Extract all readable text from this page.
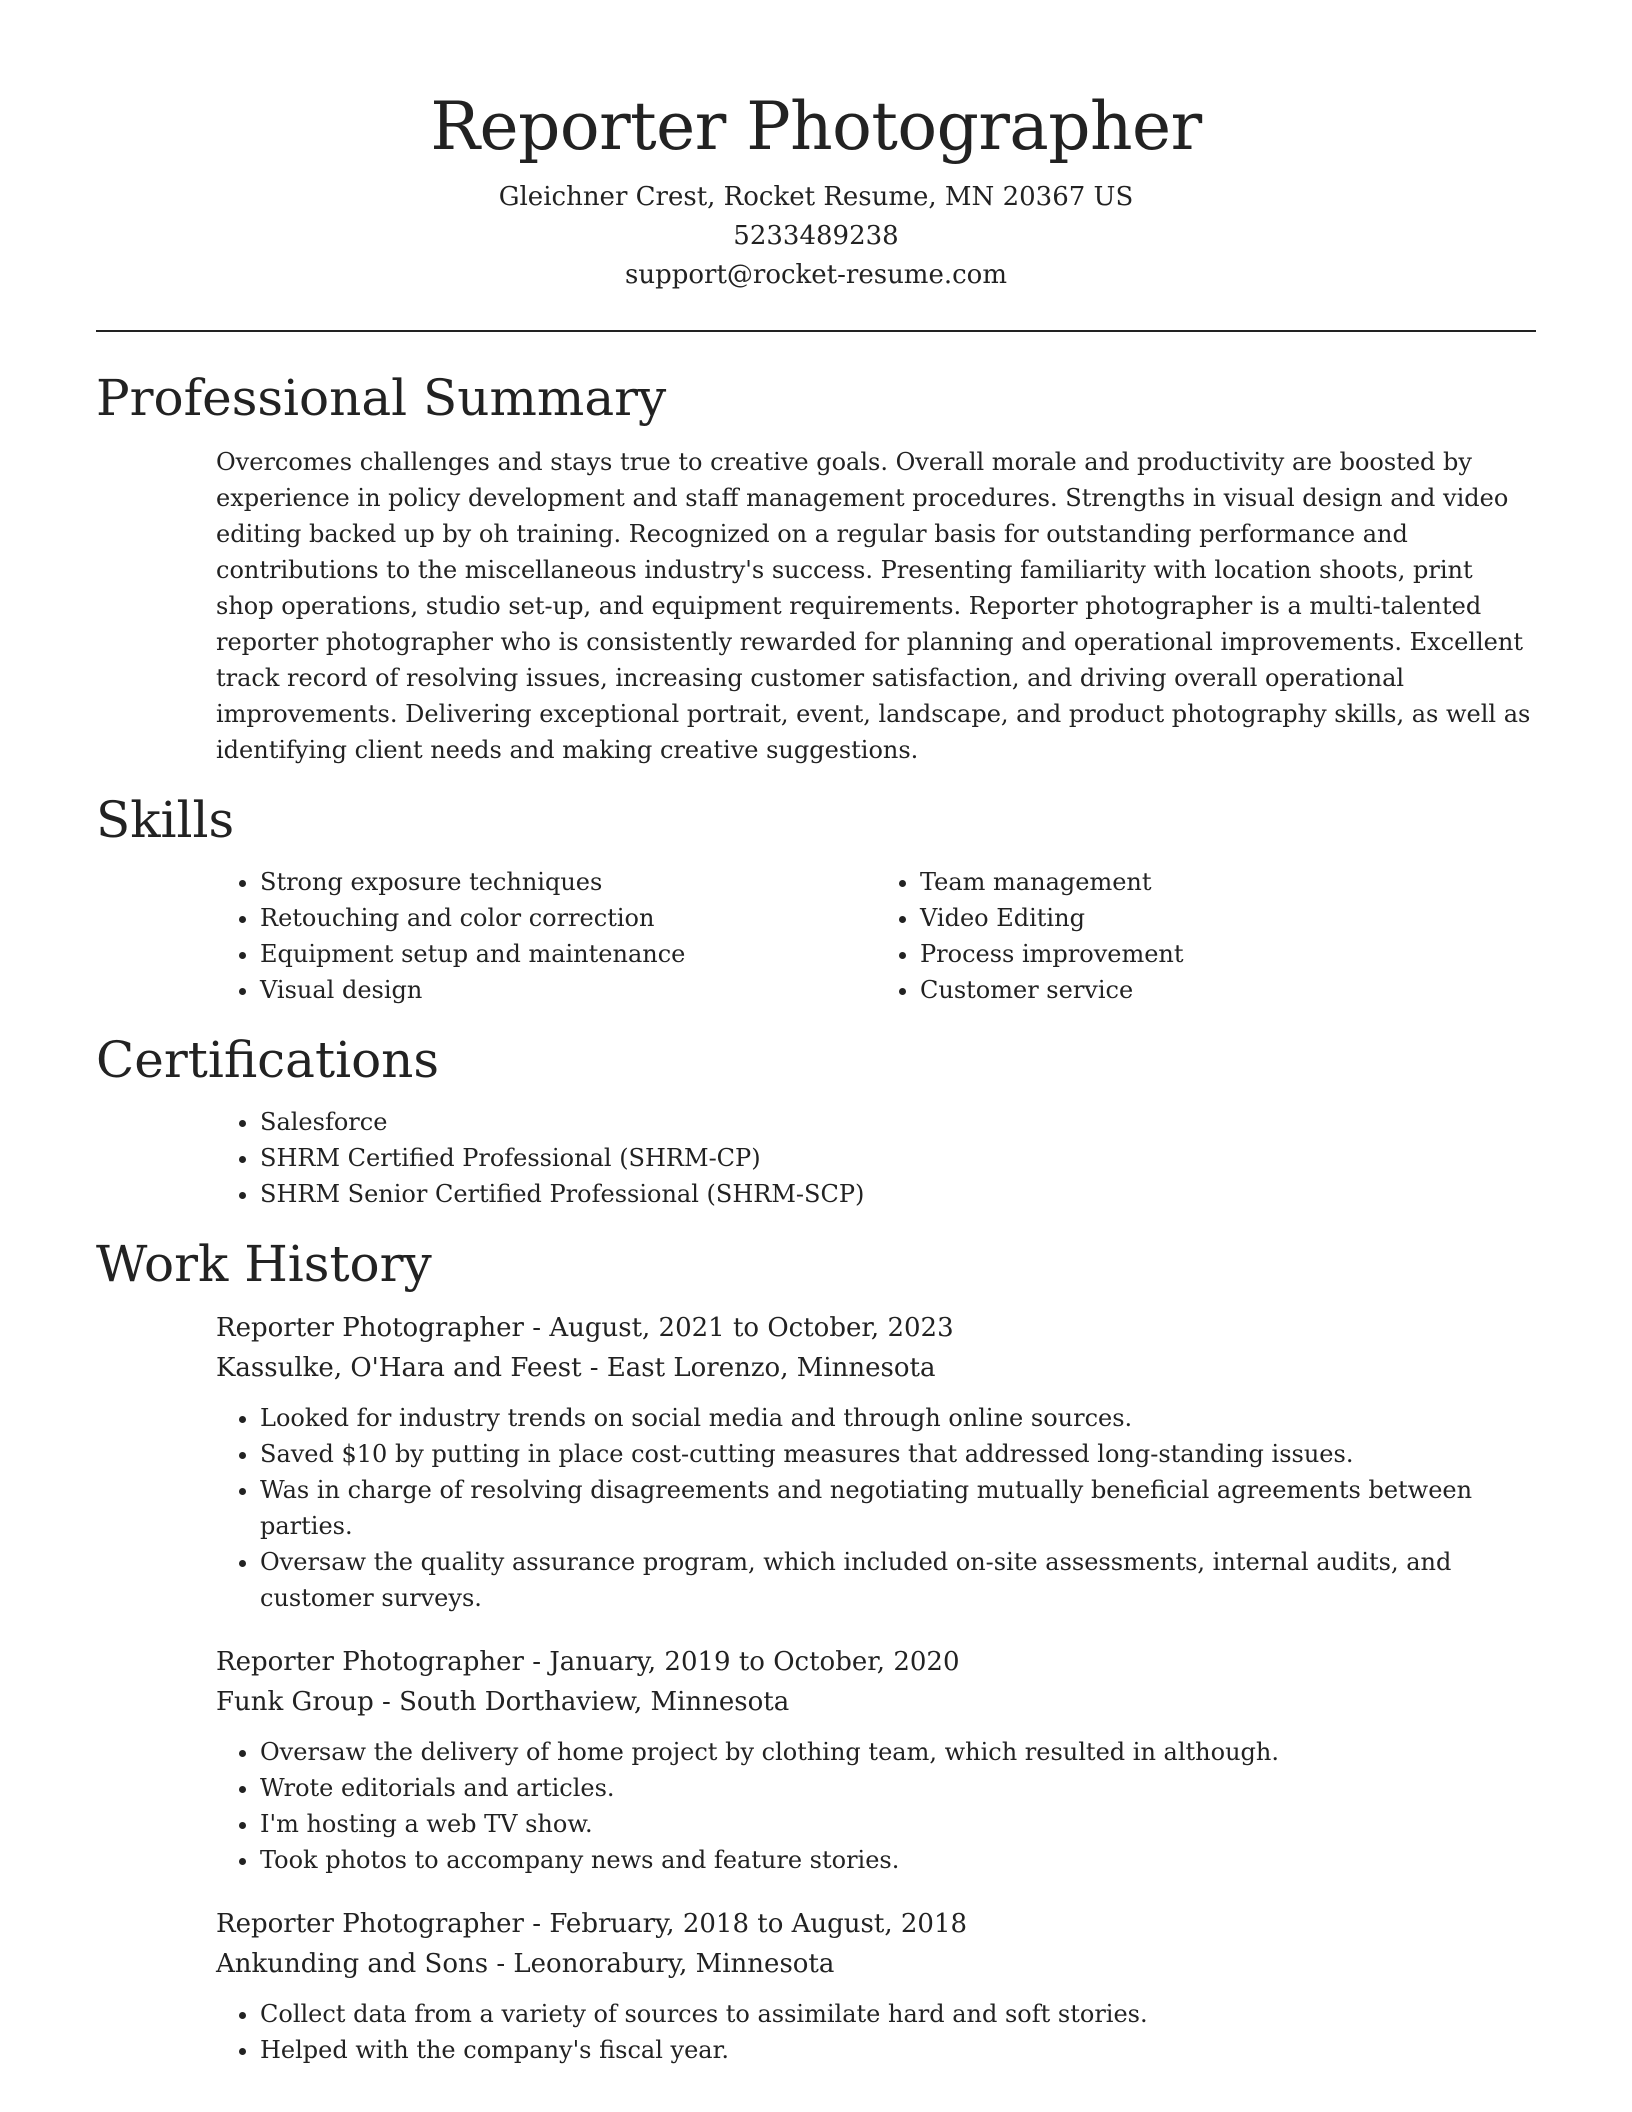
Reporter Photographer

Gleichner Crest, Rocket Resume, MN 20367 US

5233489238

support@rocket-resume.com

Professional Summary

Overcomes challenges and stays true to creative goals. Overall morale and productivity are boosted by experience in policy development and staff management procedures. Strengths in visual design and video editing backed up by oh training. Recognized on a regular basis for outstanding performance and contributions to the miscellaneous industry's success. Presenting familiarity with location shoots, print shop operations, studio set-up, and equipment requirements. Reporter photographer is a multi-talented reporter photographer who is consistently rewarded for planning and operational improvements. Excellent track record of resolving issues, increasing customer satisfaction, and driving overall operational improvements. Delivering exceptional portrait, event, landscape, and product photography skills, as well as identifying client needs and making creative suggestions.

Skills
• Strong exposure techniques
• Retouching and color correction
• Equipment setup and maintenance
• Visual design
• Team management
• Video Editing
• Process improvement
• Customer service
Certifications
• Salesforce
• SHRM Certified Professional (SHRM-CP)
• SHRM Senior Certified Professional (SHRM-SCP)
Work History

Reporter Photographer - August, 2021 to October, 2023

Kassulke, O'Hara and Feest - East Lorenzo, Minnesota

• Looked for industry trends on social media and through online sources.
• Saved $10 by putting in place cost-cutting measures that addressed long-standing issues.
• Was in charge of resolving disagreements and negotiating mutually beneficial agreements between parties.
• Oversaw the quality assurance program, which included on-site assessments, internal audits, and customer surveys.

Reporter Photographer - January, 2019 to October, 2020

Funk Group - South Dorthaview, Minnesota

• Oversaw the delivery of home project by clothing team, which resulted in although.
• Wrote editorials and articles.
• I'm hosting a web TV show.
• Took photos to accompany news and feature stories.

Reporter Photographer - February, 2018 to August, 2018

Ankunding and Sons - Leonorabury, Minnesota

• Collect data from a variety of sources to assimilate hard and soft stories.
• Helped with the company's fiscal year.
